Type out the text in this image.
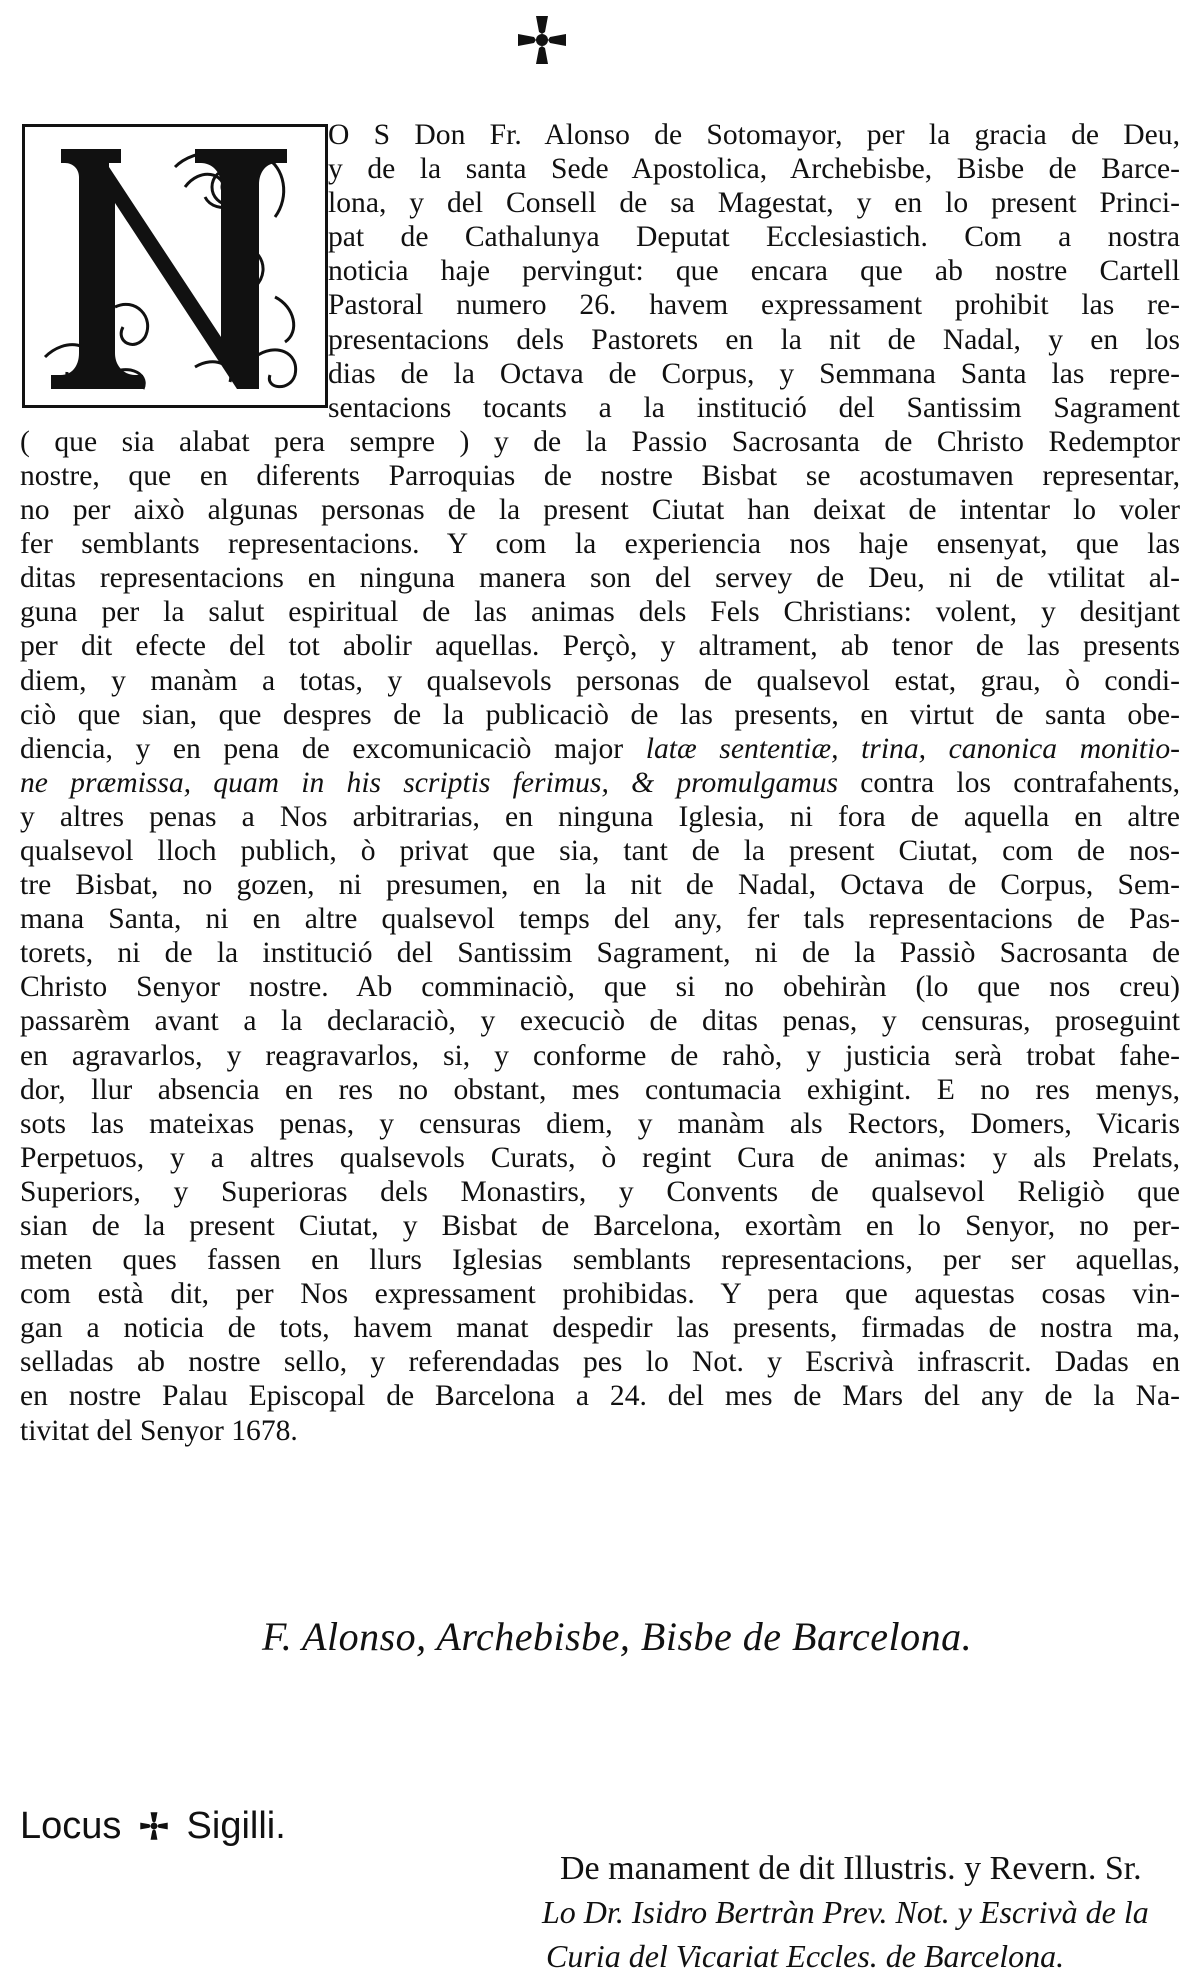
O S Don Fr. Alonso de Sotomayor, per la gracia de Deu,
y de la santa Sede Apostolica, Archebisbe, Bisbe de Barce-
lona, y del Consell de sa Magestat, y en lo present Princi-
pat de Cathalunya Deputat Ecclesiastich. Com a nostra
noticia haje pervingut: que encara que ab nostre Cartell
Pastoral numero 26. havem expressament prohibit las re-
presentacions dels Pastorets en la nit de Nadal, y en los
dias de la Octava de Corpus, y Semmana Santa las repre-
sentacions tocants a la institució del Santissim Sagrament
( que sia alabat pera sempre ) y de la Passio Sacrosanta de Christo Redemptor
nostre, que en diferents Parroquias de nostre Bisbat se acostumaven representar,
no per això algunas personas de la present Ciutat han deixat de intentar lo voler
fer semblants representacions. Y com la experiencia nos haje ensenyat, que las
ditas representacions en ninguna manera son del servey de Deu, ni de vtilitat al-
guna per la salut espiritual de las animas dels Fels Christians: volent, y desitjant
per dit efecte del tot abolir aquellas. Perçò, y altrament, ab tenor de las presents
diem, y manàm a totas, y qualsevols personas de qualsevol estat, grau, ò condi-
ciò que sian, que despres de la publicaciò de las presents, en virtut de santa obe-
diencia, y en pena de excomunicaciò major latæ sententiæ, trina, canonica monitio-
ne præmissa, quam in his scriptis ferimus, & promulgamus contra los contrafahents,
y altres penas a Nos arbitrarias, en ninguna Iglesia, ni fora de aquella en altre
qualsevol lloch publich, ò privat que sia, tant de la present Ciutat, com de nos-
tre Bisbat, no gozen, ni presumen, en la nit de Nadal, Octava de Corpus, Sem-
mana Santa, ni en altre qualsevol temps del any, fer tals representacions de Pas-
torets, ni de la institució del Santissim Sagrament, ni de la Passiò Sacrosanta de
Christo Senyor nostre. Ab comminaciò, que si no obehiràn (lo que nos creu)
passarèm avant a la declaraciò, y execuciò de ditas penas, y censuras, proseguint
en agravarlos, y reagravarlos, si, y conforme de rahò, y justicia serà trobat fahe-
dor, llur absencia en res no obstant, mes contumacia exhigint. E no res menys,
sots las mateixas penas, y censuras diem, y manàm als Rectors, Domers, Vicaris
Perpetuos, y a altres qualsevols Curats, ò regint Cura de animas: y als Prelats,
Superiors, y Superioras dels Monastirs, y Convents de qualsevol Religiò que
sian de la present Ciutat, y Bisbat de Barcelona, exortàm en lo Senyor, no per-
meten ques fassen en llurs Iglesias semblants representacions, per ser aquellas,
com està dit, per Nos expressament prohibidas. Y pera que aquestas cosas vin-
gan a noticia de tots, havem manat despedir las presents, firmadas de nostra ma,
selladas ab nostre sello, y referendadas pes lo Not. y Escrivà infrascrit. Dadas en
en nostre Palau Episcopal de Barcelona a 24. del mes de Mars del any de la Na-
tivitat del Senyor 1678.
F. Alonso, Archebisbe, Bisbe de Barcelona.
Locus Sigilli.
De manament de dit Illustris. y Revern. Sr.
Lo Dr. Isidro Bertràn Prev. Not. y Escrivà de la
Curia del Vicariat Eccles. de Barcelona.
